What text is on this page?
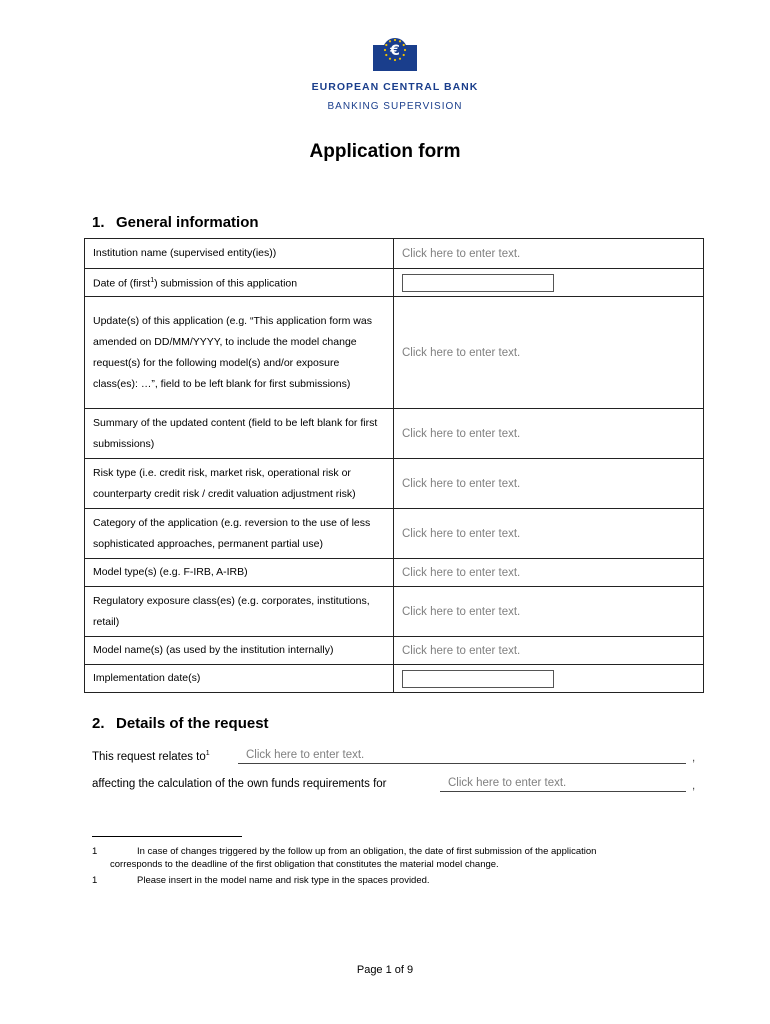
€
EUROPEAN CENTRAL BANK
BANKING SUPERVISION
Application form
1. General information
Institution name (supervised entity(ies))	Click here to enter text.
Date of (first$^1$) submission of this application	

Update(s) of this application (e.g. “This application form was amended on DD/MM/YYYY, to include the model change request(s) for the following model(s) and/or exposure class(es): …”, field to be left blank for first submissions)	Click here to enter text.
Summary of the updated content (field to be left blank for first submissions)	Click here to enter text.
Risk type (i.e. credit risk, market risk, operational risk or counterparty credit risk / credit valuation adjustment risk)	Click here to enter text.
Category of the application (e.g. reversion to the use of less sophisticated approaches, permanent partial use)	Click here to enter text.
Model type(s) (e.g. F-IRB, A-IRB)	Click here to enter text.
Regulatory exposure class(es) (e.g. corporates, institutions, retail)	Click here to enter text.
Model name(s) (as used by the institution internally)	Click here to enter text.
Implementation date(s)	
2. Details of the request
This request relates $to^1$	Click here to enter text.	,
affecting the calculation of the own funds requirements for	Click here to enter text.	,
1	In case of changes triggered by the follow up from an obligation, the date of first submission of the application
corresponds to the deadline of the first obligation that constitutes the material model change.
1	Please insert in the model name and risk type in the spaces provided.
Page 1 of 9
